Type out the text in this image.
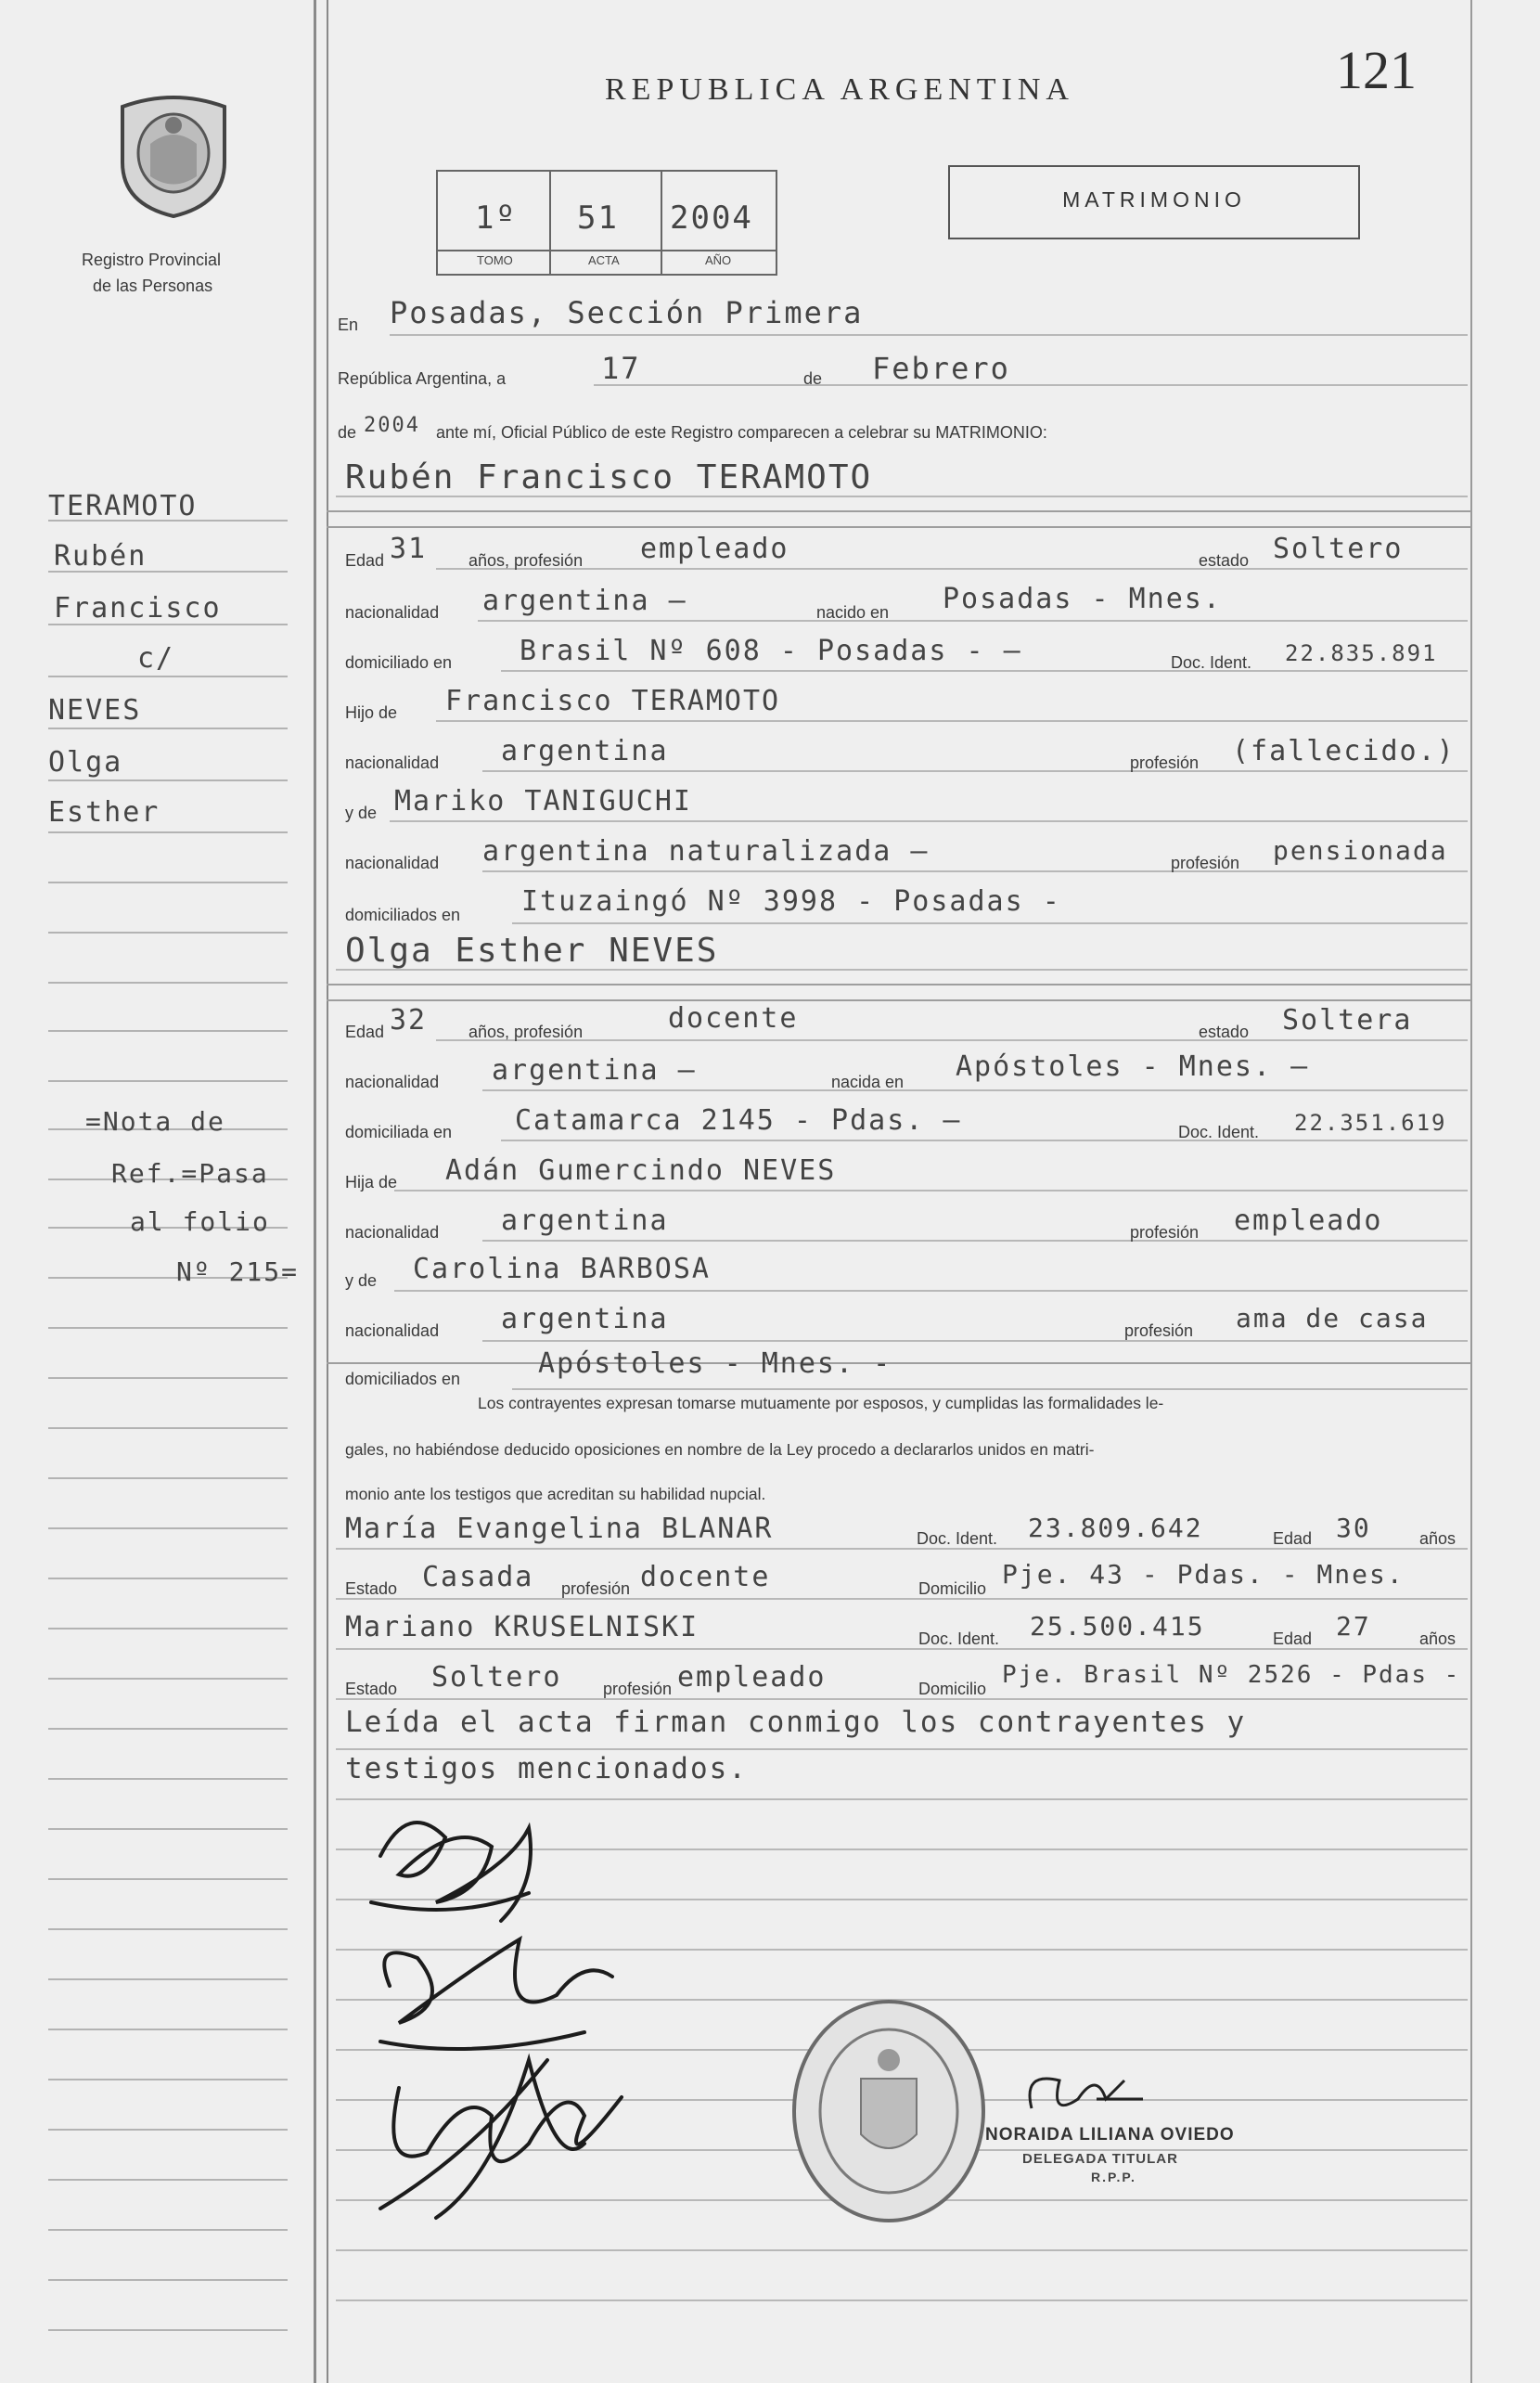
Registro Provincial
de las Personas
REPUBLICA ARGENTINA	121
MATRIMONIO
1º 51 2004
TOMO	ACTA	AÑO
TERAMOTO
Rubén
Francisco
c/
NEVES
Olga
Esther
=Nota de
Ref.=Pasa
al folio
Nº 215=
En Posadas, Sección Primera
República Argentina, a	17	de Febrero
de 2004 ante mí, Oficial Público de este Registro comparecen a celebrar su MATRIMONIO:
Rubén Francisco TERAMOTO
Edad 31 años, profesión empleado	estado Soltero
nacionalidad argentina —	nacido en Posadas - Mnes.
domiciliado en Brasil Nº 608 - Posadas - —	Doc. Ident. 22.835.891
Hijo de Francisco TERAMOTO
nacionalidad argentina	profesión (fallecido.)
y de Mariko TANIGUCHI
nacionalidad argentina naturalizada —	profesión pensionada
domiciliados en Ituzaingó Nº 3998 - Posadas -
Olga Esther NEVES
Edad 32 años, profesión	docente	estado Soltera
nacionalidad argentina —	nacida en Apóstoles - Mnes. —
domiciliada en Catamarca 2145 - Pdas. —	Doc. Ident. 22.351.619
Hija de Adán Gumercindo NEVES
nacionalidad argentina	profesión empleado
y de Carolina BARBOSA
nacionalidad argentina	profesión ama de casa
domiciliados en	Apóstoles - Mnes. -
Los contrayentes expresan tomarse mutuamente por esposos, y cumplidas las formalidades le-
gales, no habiéndose deducido oposiciones en nombre de la Ley procedo a declararlos unidos en matri-
monio ante los testigos que acreditan su habilidad nupcial.
María Evangelina BLANAR	Doc. Ident. 23.809.642	Edad 30	años
Estado Casada profesión docente	Domicilio Pje. 43 - Pdas. - Mnes.
Mariano KRUSELNISKI	Doc. Ident. 25.500.415	Edad 27	años
Estado Soltero profesión empleado	Domicilio Pje. Brasil Nº 2526 - Pdas -
Leída el acta firman conmigo los contrayentes y
testigos mencionados.
NORAIDA LILIANA OVIEDO
DELEGADA TITULAR
R.P.P.
